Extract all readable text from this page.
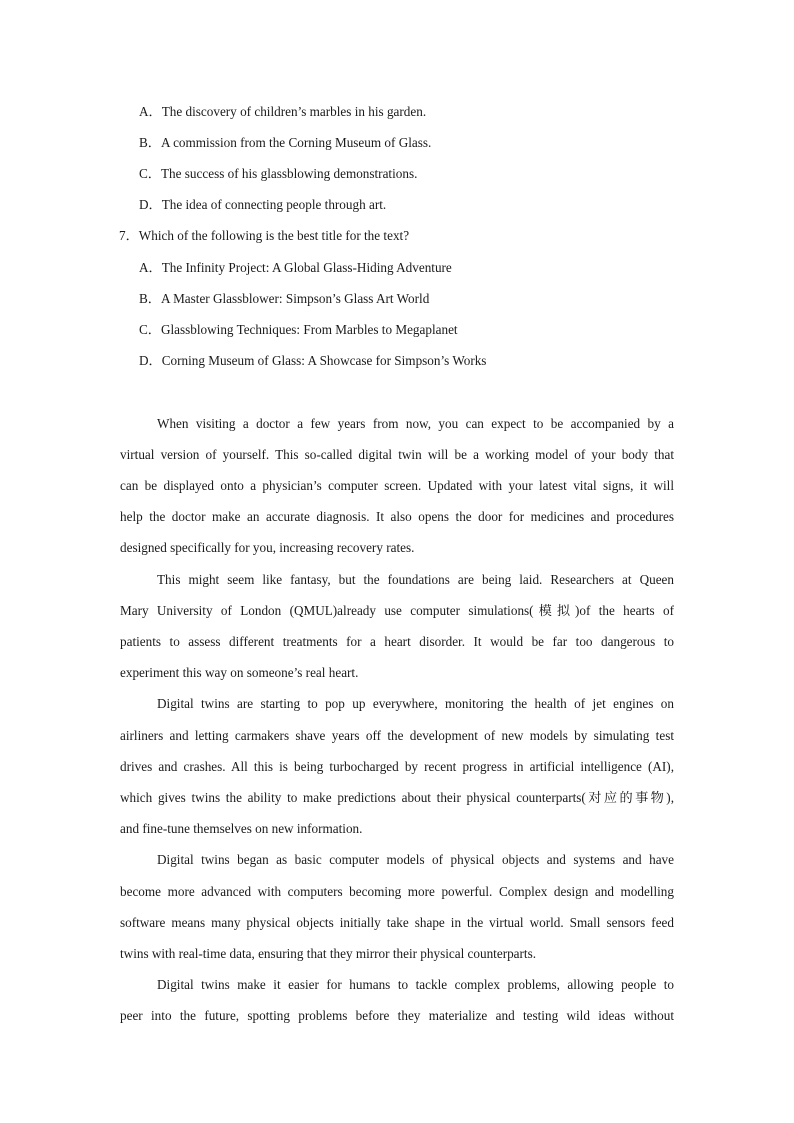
A．The discovery of children’s marbles in his garden.
B．A commission from the Corning Museum of Glass.
C．The success of his glassblowing demonstrations.
D．The idea of connecting people through art.
7．Which of the following is the best title for the text?
A．The Infinity Project: A Global Glass-Hiding Adventure
B．A Master Glassblower: Simpson’s Glass Art World
C．Glassblowing Techniques: From Marbles to Megaplanet
D．Corning Museum of Glass: A Showcase for Simpson’s Works
When visiting a doctor a few years from now, you can expect to be accompanied by a
virtual version of yourself. This so-called digital twin will be a working model of your body that
can be displayed onto a physician’s computer screen. Updated with your latest vital signs, it will
help the doctor make an accurate diagnosis. It also opens the door for medicines and procedures
designed specifically for you, increasing recovery rates.
This might seem like fantasy, but the foundations are being laid. Researchers at Queen
Mary University of London (QMUL)already use computer simulations(模拟)of the hearts of
patients to assess different treatments for a heart disorder. It would be far too dangerous to
experiment this way on someone’s real heart.
Digital twins are starting to pop up everywhere, monitoring the health of jet engines on
airliners and letting carmakers shave years off the development of new models by simulating test
drives and crashes. All this is being turbocharged by recent progress in artificial intelligence (AI),
which gives twins the ability to make predictions about their physical counterparts(对应的事物),
and fine-tune themselves on new information.
Digital twins began as basic computer models of physical objects and systems and have
become more advanced with computers becoming more powerful. Complex design and modelling
software means many physical objects initially take shape in the virtual world. Small sensors feed
twins with real-time data, ensuring that they mirror their physical counterparts.
Digital twins make it easier for humans to tackle complex problems, allowing people to
peer into the future, spotting problems before they materialize and testing wild ideas without
